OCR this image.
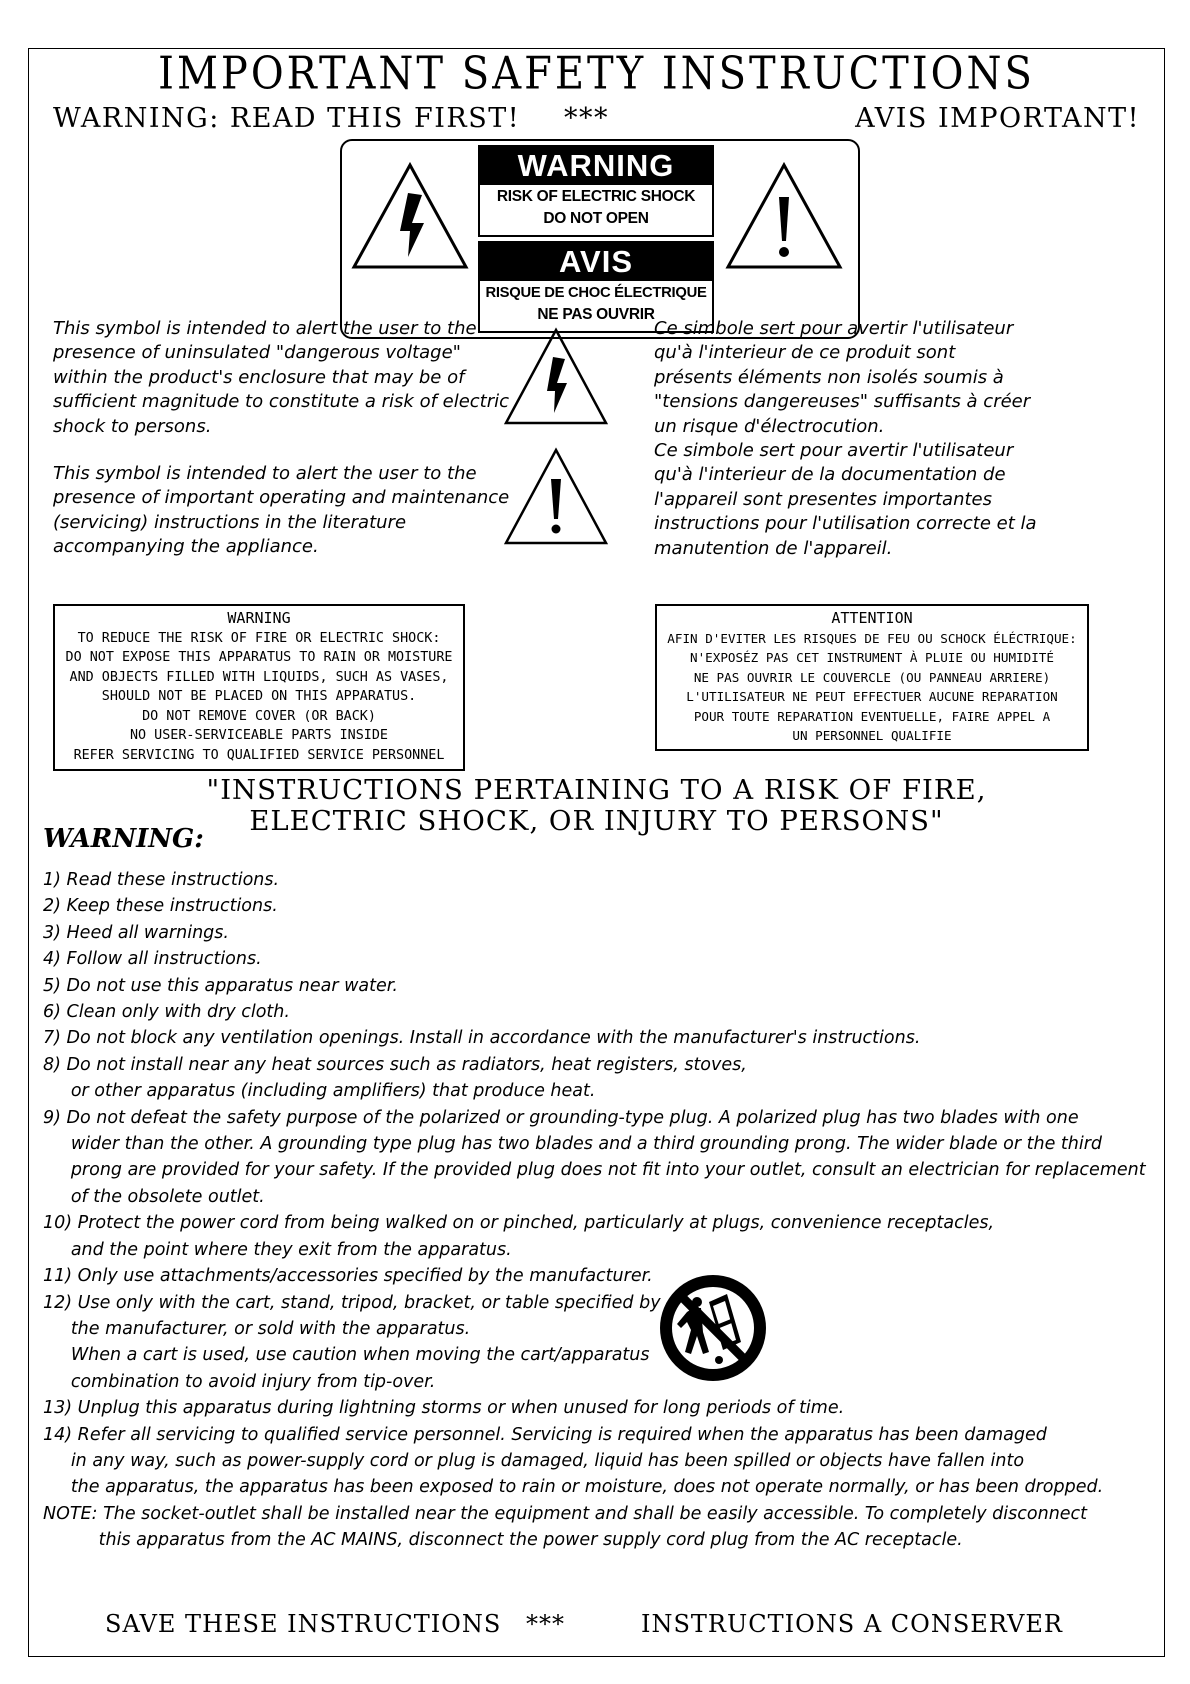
IMPORTANT SAFETY INSTRUCTIONS
WARNING: READ THIS FIRST! ***	AVIS IMPORTANT!
WARNING
RISK OF ELECTRIC SHOCK
DO NOT OPEN
AVIS
RISQUE DE CHOC ÉLECTRIQUE
NE PAS OUVRIR
This symbol is intended to alert the user to the
presence of uninsulated "dangerous voltage"
within the product's enclosure that may be of
sufficient magnitude to constitute a risk of electric
shock to persons.
Ce simbole sert pour avertir l'utilisateur
qu'à l'interieur de ce produit sont
présents éléments non isolés soumis à
"tensions dangereuses" suffisants à créer
un risque d'électrocution.
This symbol is intended to alert the user to the
presence of important operating and maintenance
(servicing) instructions in the literature
accompanying the appliance.
Ce simbole sert pour avertir l'utilisateur
qu'à l'interieur de la documentation de
l'appareil sont presentes importantes
instructions pour l'utilisation correcte et la
manutention de l'appareil.
WARNING
TO REDUCE THE RISK OF FIRE OR ELECTRIC SHOCK:
DO NOT EXPOSE THIS APPARATUS TO RAIN OR MOISTURE
AND OBJECTS FILLED WITH LIQUIDS, SUCH AS VASES,
SHOULD NOT BE PLACED ON THIS APPARATUS.
DO NOT REMOVE COVER (OR BACK)
NO USER-SERVICEABLE PARTS INSIDE
REFER SERVICING TO QUALIFIED SERVICE PERSONNEL
ATTENTION
AFIN D'EVITER LES RISQUES DE FEU OU SCHOCK ÉLÉCTRIQUE:
N'EXPOSÉZ PAS CET INSTRUMENT À PLUIE OU HUMIDITÉ
NE PAS OUVRIR LE COUVERCLE (OU PANNEAU ARRIERE)
L'UTILISATEUR NE PEUT EFFECTUER AUCUNE REPARATION
POUR TOUTE REPARATION EVENTUELLE, FAIRE APPEL A
UN PERSONNEL QUALIFIE
"INSTRUCTIONS PERTAINING TO A RISK OF FIRE,
ELECTRIC SHOCK, OR INJURY TO PERSONS"
WARNING:
1) Read these instructions.
2) Keep these instructions.
3) Heed all warnings.
4) Follow all instructions.
5) Do not use this apparatus near water.
6) Clean only with dry cloth.
7) Do not block any ventilation openings. Install in accordance with the manufacturer's instructions.
8) Do not install near any heat sources such as radiators, heat registers, stoves,
or other apparatus (including amplifiers) that produce heat.
9) Do not defeat the safety purpose of the polarized or grounding-type plug. A polarized plug has two blades with one
wider than the other. A grounding type plug has two blades and a third grounding prong. The wider blade or the third
prong are provided for your safety. If the provided plug does not fit into your outlet, consult an electrician for replacement
of the obsolete outlet.
10) Protect the power cord from being walked on or pinched, particularly at plugs, convenience receptacles,
and the point where they exit from the apparatus.
11) Only use attachments/accessories specified by the manufacturer.
12) Use only with the cart, stand, tripod, bracket, or table specified by
the manufacturer, or sold with the apparatus.
When a cart is used, use caution when moving the cart/apparatus
combination to avoid injury from tip-over.
13) Unplug this apparatus during lightning storms or when unused for long periods of time.
14) Refer all servicing to qualified service personnel. Servicing is required when the apparatus has been damaged
in any way, such as power-supply cord or plug is damaged, liquid has been spilled or objects have fallen into
the apparatus, the apparatus has been exposed to rain or moisture, does not operate normally, or has been dropped.
NOTE: The socket-outlet shall be installed near the equipment and shall be easily accessible. To completely disconnect
this apparatus from the AC MAINS, disconnect the power supply cord plug from the AC receptacle.
SAVE THESE INSTRUCTIONS ***	INSTRUCTIONS A CONSERVER
